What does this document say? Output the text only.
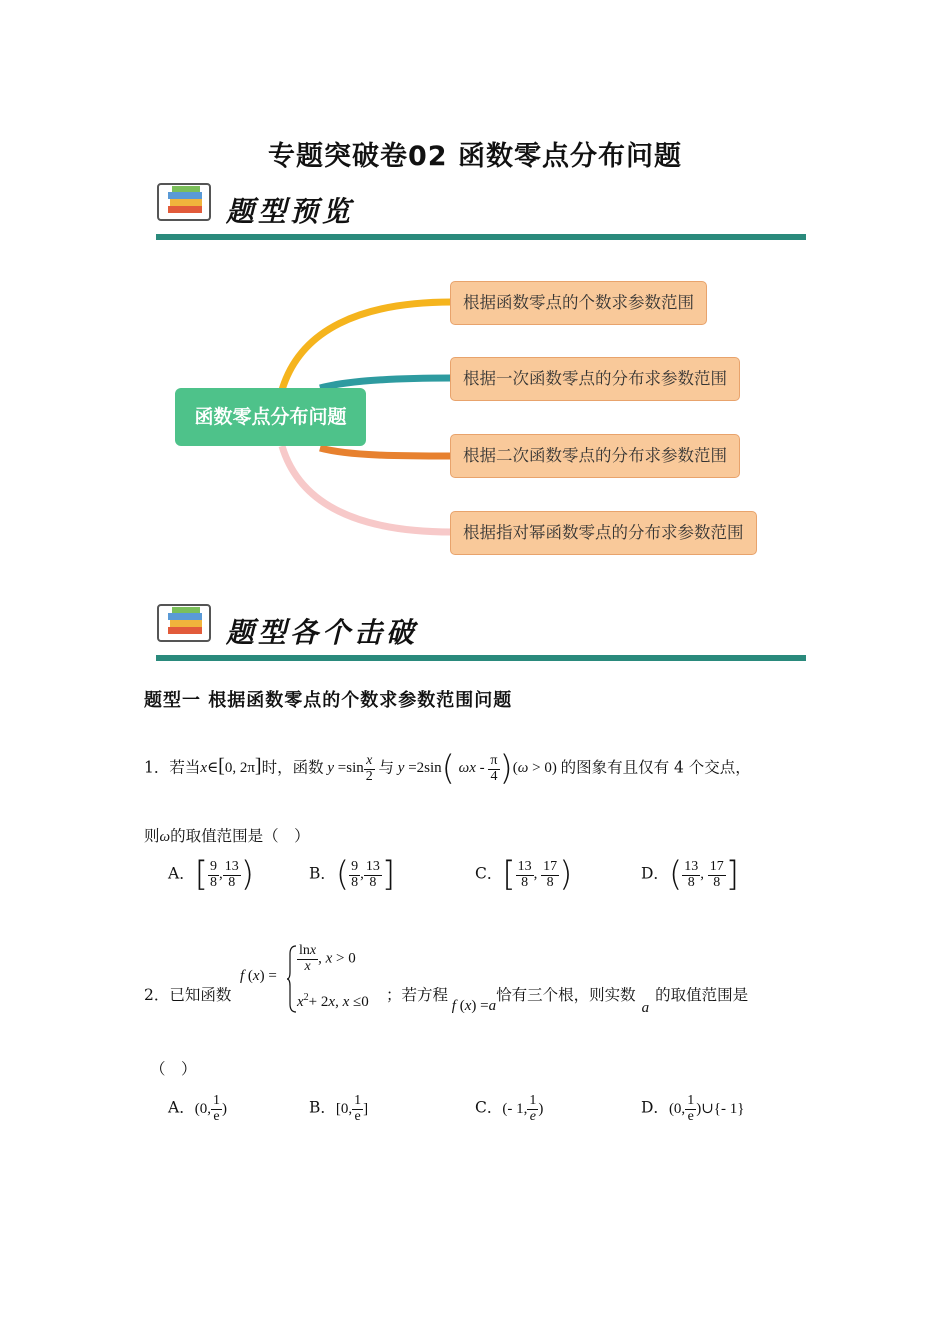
专题突破卷02 函数零点分布问题
题型预览
函数零点分布问题
根据函数零点的个数求参数范围
根据一次函数零点的分布求参数范围
根据二次函数零点的分布求参数范围
根据指对幂函数零点的分布求参数范围
题型各个击破
题型一 根据函数零点的个数求参数范围问题
1．若当x∈[0, 2π]时，函数 $y =\sin \frac{x}{2}$ 与 y =2sin( $\omega x - \frac{\pi}{4} )(\omega > 0)$ 的图象有且仅有 4 个交点，
则ω的取值范围是（　）
A．[ $\frac{9}{8}$ , $\frac{13}{8}$ )	B．( $\frac{9}{8}$ , $\frac{13}{8}$ ]	C．[ $\frac{13}{8}$ , $\frac{17}{8}$ )	D．( $\frac{13}{8}$ , $\frac{17}{8}$ ]
2．已知函数
f (x) =
$\frac{\ln x}{x}$ , x > 0
$x^2+ 2x$, x ≤0 ；若方程 f (x) =a恰有三个根，则实数a的取值范围是
（　）
A．(0, $\frac{1}{e}$ )	B．[0, $\frac{1}{e}$ ]	C．(- 1, $\frac{1}{e}$ )	D．(0, $\frac{1}{e}$ )∪{- 1}
